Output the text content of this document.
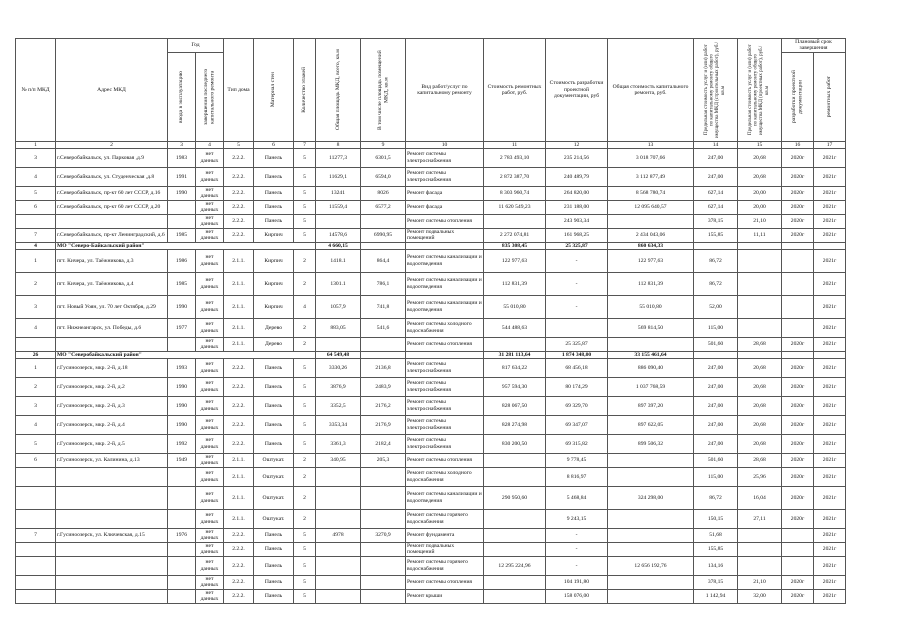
№ п/п МКД	Адрес МКД	Год		Тип дома	Материал стен	Количество этажей	Общая площадь МКД, всего, кв.м	В том числе площадь помещений МКД, кв.м	Вид работ/услуг по капитальному ремонту	Стоимость ремонтных работ, руб.	Стоимость разработки проектной документации, руб	Общая стоимость капитального ремонта, руб.	Предельная стоимость услуг и (или) работ по капитальному ремонту общего имущества МКД (строительных работ), руб./кв.м	Предельная стоимость услуг и (или) работ по капитальному ремонту общего имущества МКД (проектных работ), руб./кв.м	Плановый срок завершения	

		ввода в эксплуатацию	завершения последнего капитального ремонта												разработки проектной документации	ремонтных работ

1	2	3	4	5	6	7	8	9	10	11	12	13	14	15	16	17
3	г.Северобайкальск, ул. Парковая ,д.9	1983	нет данных	2.2.2.	Панель	5	11277,3	6301,5	Ремонт системы электроснабжения	2 783 493,10	235 214,56	3 018 707,66	247,00	20,68	2020г	2021г
4	г.Северобайкальск, ул. Студенческая ,д.8	1991	нет данных	2.2.2.	Панель	5	11629,1	6594,0	Ремонт системы электроснабжения	2 872 387,70	240 489,79	3 112 877,49	247,00	20,68	2020г	2021г
5	г.Северобайкальск, пр-кт 60 лет СССР, д.16	1990	нет данных	2.2.2.	Панель	5	13241	8026	Ремонт фасада	8 303 960,74	264 820,00	8 568 780,74	627,14	20,00	2020г	2021г
6	г.Северобайкальск, пр-кт 60 лет СССР, д.20		нет данных	2.2.2.	Панель	5	11559,4	6577,2	Ремонт фасада	11 620 549,23	231 188,00	12 095 640,57	627,14	20,00	2020г	2021г
			нет данных	2.2.2.	Панель	5			Ремонт системы отопления		243 903,34		378,15	21,10	2020г	2021г
7	г.Северобайкальск, пр-кт Ленинградский, д.6	1985	нет данных	2.2.2.	Кирпич	5	14578,6	6990,95	Ремонт подвальных помещений	2 272 074,81	161 968,25	2 434 043,06	155,85	11,11	2020г	2021г
4	МО "Северо-Байкальский район"						4 660,15			835 308,45	25 325,87	860 634,33				
1	пгт. Кичера, ул. Таёжникова, д.3	1986	нет данных	2.1.1.	Кирпич	2	1418.1	864,4	Ремонт системы канализации и водоотведения	122 977,63	-	122 977,63	86,72			2021г
2	пгт. Кичера, ул. Таёжникова, д.4	1985	нет данных	2.1.1.	Кирпич	2	1301.1	786,1	Ремонт системы канализации и водоотведения	112 831,39	-	112 831,39	86,72			2021г
3	пгт. Новый Уоян, ул. 70 лет Октября, д.29	1990	нет данных	2.1.1.	Кирпич	4	1057,9	741,8	Ремонт системы канализации и водоотведения	55 010,80	-	55 010,80	52,00			2021г
4	пгт. Нижнеангарск, ул. Победы, д.6	1977	нет данных	2.1.1.	Дерево	2	883,05	541,6	Ремонт системы холодного водоснабжения	544 488,63		569 814,50	115,00			2021г
			нет данных	2.1.1.	Дерево	2			Ремонт системы отопления		25 325,87		501,60	28,68	2020г	2021г
26	МО "Северобайкальский район"						64 549,48			31 281 113,64	1 874 348,00	33 155 461,64				
1	г.Гусиноозерск, мкр. 2-й, д.18	1993	нет данных	2.2.2.	Панель	5	3330,26	2136,8	Ремонт системы электроснабжения	817 634,22	68 456,18	886 090,40	247,00	20,68	2020г	2021г
2	г.Гусиноозерск, мкр. 2-й, д.2	1990	нет данных	2.2.2.	Панель	5	3876,9	2483,9	Ремонт системы электроснабжения	957 594,30	80 174,29	1 037 768,59	247,00	20,68	2020г	2021г
3	г.Гусиноозерск, мкр. 2-й, д.3	1990	нет данных	2.2.2.	Панель	5	3352,5	2176,2	Ремонт системы электроснабжения	828 067,50	69 329,70	897 397,20	247,00	20,68	2020г	2021г
4	г.Гусиноозерск, мкр. 2-й, д.4	1990	нет данных	2.2.2.	Панель	5	3353,34	2176,9	Ремонт системы электроснабжения	828 274,98	69 347,07	897 622,05	247,00	20,68	2020г	2021г
5	г.Гусиноозерск, мкр. 2-й, д.5	1992	нет данных	2.2.2.	Панель	5	3361,3	2182,4	Ремонт системы электроснабжения	830 200,50	69 315,82	899 506,32	247,00	20,68	2020г	2021г
6	г.Гусиноозерск, ул. Калинина, д.13	1949	нет данных	2.1.1.	Оштукат.	2	340,95	205,3	Ремонт системы отопления		9 778,45		501,60	28,68	2020г	2021г
			нет данных	2.1.1.	Оштукат.	2			Ремонт системы холодного водоснабжения		8 816,97		115,00	25,96	2020г	2021г
			нет данных	2.1.1.	Оштукат.	2			Ремонт системы канализации и водоотведения	290 950,60	5 468,84	324 298,00	86,72	16,04	2020г	2021г
			нет данных	2.1.1.	Оштукат.	2			Ремонт системы горячего водоснабжения		9 243,15		150,15	27,11	2020г	2021г
7	г.Гусиноозерск, ул. Ключевская, д.15	1976	нет данных	2.2.2.	Панель	5	4978	3270,9	Ремонт фундамента		-		51,68			2021г
			нет данных	2.2.2.	Панель	5			Ремонт подвальных помещений		-		155,85			2021г
			нет данных	2.2.2.	Панель	5			Ремонт системы горячего водоснабжения	12 295 224,96	-	12 656 192,76	134,16			2021г
			нет данных	2.2.2.	Панель	5			Ремонт системы отопления		104 191,80		378,15	21,10	2020г	2021г
			нет данных	2.2.2.	Панель	5			Ремонт крыши		158 076,00		1 142,94	32,00	2020г	2021г
